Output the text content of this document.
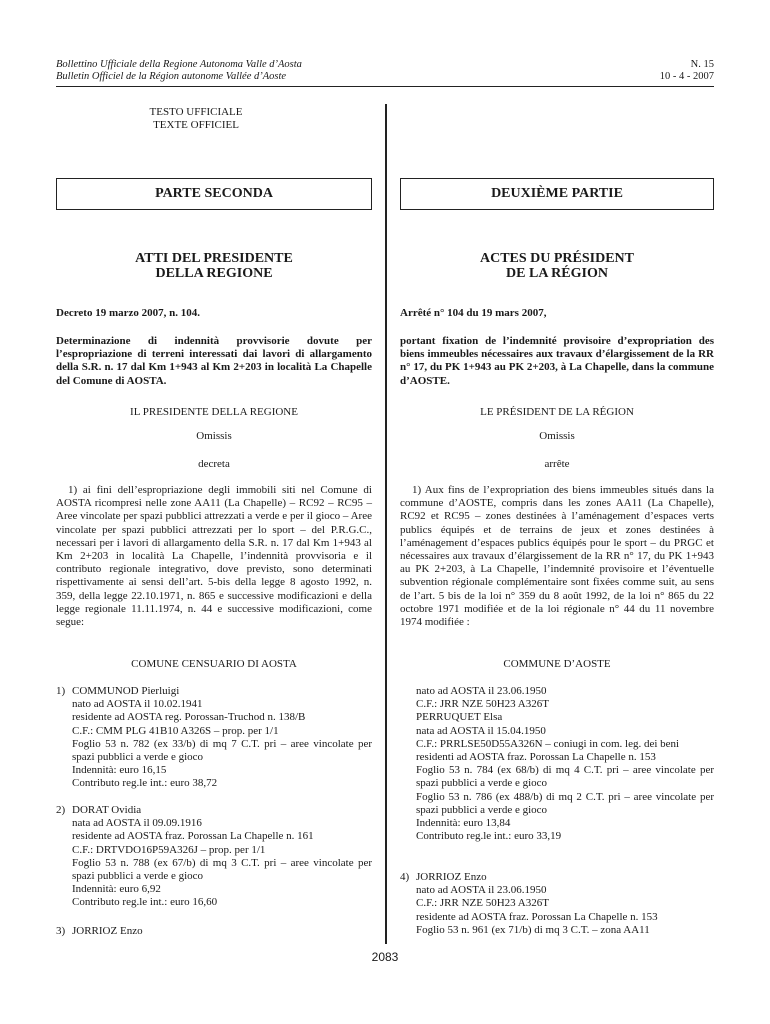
Bollettino Ufficiale della Regione Autonoma Valle d’Aosta
Bulletin Officiel de la Région autonome Vallée d’Aoste
N. 15
10 - 4 - 2007
TESTO UFFICIALE
TEXTE OFFICIEL
PARTE SECONDA
ATTI DEL PRESIDENTE
DELLA REGIONE
Decreto 19 marzo 2007, n. 104.
Determinazione di indennità provvisorie dovute per l’espropriazione di terreni interessati dai lavori di allargamento della S.R. n. 17 dal Km 1+943 al Km 2+203 in località La Chapelle del Comune di AOSTA.
IL PRESIDENTE DELLA REGIONE
Omissis
decreta
1) ai fini dell’espropriazione degli immobili siti nel Comune di AOSTA ricompresi nelle zone AA11 (La Chapelle) – RC92 – RC95 – Aree vincolate per spazi pubblici attrezzati a verde e per il gioco – Aree vincolate per spazi pubblici attrezzati per lo sport – del P.R.G.C., necessari per i lavori di allargamento della S.R. n. 17 dal Km 1+943 al Km 2+203 in località La Chapelle, l’indennità provvisoria e il contributo regionale integrativo, dove previsto, sono determinati rispettivamente ai sensi dell’art. 5-bis della legge 8 agosto 1992, n. 359, della legge 22.10.1971, n. 865 e successive modificazioni e della legge regionale 11.11.1974, n. 44 e successive modificazioni, come segue:
COMUNE CENSUARIO DI AOSTA
1) COMMUNOD Pierluigi
nato ad AOSTA il 10.02.1941
residente ad AOSTA reg. Porossan-Truchod n. 138/B
C.F.: CMM PLG 41B10 A326S – prop. per 1/1
Foglio 53 n. 782 (ex 33/b) di mq 7 C.T. pri – aree vincolate per spazi pubblici a verde e gioco
Indennità: euro 16,15
Contributo reg.le int.: euro 38,72
2) DORAT Ovidia
nata ad AOSTA il 09.09.1916
residente ad AOSTA fraz. Porossan La Chapelle n. 161
C.F.: DRTVDO16P59A326J – prop. per 1/1
Foglio 53 n. 788 (ex 67/b) di mq 3 C.T. pri – aree vincolate per spazi pubblici a verde e gioco
Indennità: euro 6,92
Contributo reg.le int.: euro 16,60
3) JORRIOZ Enzo
DEUXIÈME PARTIE
ACTES DU PRÉSIDENT
DE LA RÉGION
Arrêté n° 104 du 19 mars 2007,
portant fixation de l’indemnité provisoire d’expropriation des biens immeubles nécessaires aux travaux d’élargissement de la RR n° 17, du PK 1+943 au PK 2+203, à La Chapelle, dans la commune d’AOSTE.
LE PRÉSIDENT DE LA RÉGION
Omissis
arrête
1) Aux fins de l’expropriation des biens immeubles situés dans la commune d’AOSTE, compris dans les zones AA11 (La Chapelle), RC92 et RC95 – zones destinées à l’aménagement d’espaces verts publics équipés et de terrains de jeux et zones destinées à l’aménagement d’espaces publics équipés pour le sport – du PRGC et nécessaires aux travaux d’élargissement de la RR n° 17, du PK 1+943 au PK 2+203, à La Chapelle, l’indemnité provisoire et l’éventuelle subvention régionale complémentaire sont fixées comme suit, au sens de l’art. 5 bis de la loi n° 359 du 8 août 1992, de la loi n° 865 du 22 octobre 1971 modifiée et de la loi régionale n° 44 du 11 novembre 1974 modifiée :
COMMUNE D’AOSTE
nato ad AOSTA il 23.06.1950
C.F.: JRR NZE 50H23 A326T
PERRUQUET Elsa
nata ad AOSTA il 15.04.1950
C.F.: PRRLSE50D55A326N – coniugi in com. leg. dei beni
residenti ad AOSTA fraz. Porossan La Chapelle n. 153
Foglio 53 n. 784 (ex 68/b) di mq 4 C.T. pri – aree vincolate per spazi pubblici a verde e gioco
Foglio 53 n. 786 (ex 488/b) di mq 2 C.T. pri – aree vincolate per spazi pubblici a verde e gioco
Indennità: euro 13,84
Contributo reg.le int.: euro 33,19
4) JORRIOZ Enzo
nato ad AOSTA il 23.06.1950
C.F.: JRR NZE 50H23 A326T
residente ad AOSTA fraz. Porossan La Chapelle n. 153
Foglio 53 n. 961 (ex 71/b) di mq 3 C.T. – zona AA11
2083
